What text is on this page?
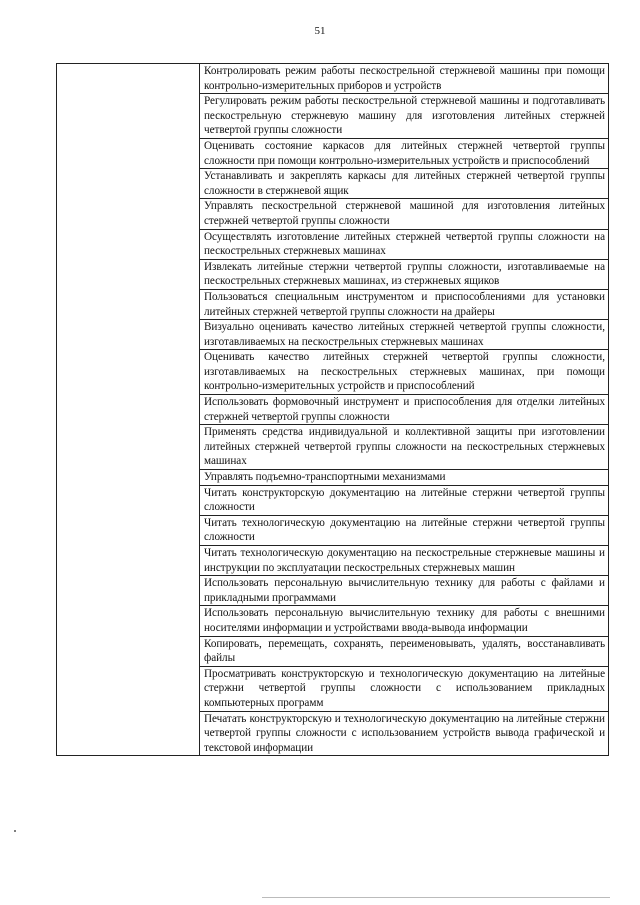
51

Контролировать режим работы пескострельной стержневой машины при помощи контрольно-измерительных приборов и устройств

Регулировать режим работы пескострельной стержневой машины и подготавливать пескострельную стержневую машину для изготовления литейных стержней четвертой группы сложности

Оценивать состояние каркасов для литейных стержней четвертой группы сложности при помощи контрольно-измерительных устройств и приспособлений

Устанавливать и закреплять каркасы для литейных стержней четвертой группы сложности в стержневой ящик

Управлять пескострельной стержневой машиной для изготовления литейных стержней четвертой группы сложности

Осуществлять изготовление литейных стержней четвертой группы сложности на пескострельных стержневых машинах

Извлекать литейные стержни четвертой группы сложности, изготавливаемые на пескострельных стержневых машинах, из стержневых ящиков

Пользоваться специальным инструментом и приспособлениями для установки литейных стержней четвертой группы сложности на драйеры

Визуально оценивать качество литейных стержней четвертой группы сложности, изготавливаемых на пескострельных стержневых машинах

Оценивать качество литейных стержней четвертой группы сложности, изготавливаемых на пескострельных стержневых машинах, при помощи контрольно-измерительных устройств и приспособлений

Использовать формовочный инструмент и приспособления для отделки литейных стержней четвертой группы сложности

Применять средства индивидуальной и коллективной защиты при изготовлении литейных стержней четвертой группы сложности на пескострельных стержневых машинах

Управлять подъемно-транспортными механизмами

Читать конструкторскую документацию на литейные стержни четвертой группы сложности

Читать технологическую документацию на литейные стержни четвертой группы сложности

Читать технологическую документацию на пескострельные стержневые машины и инструкции по эксплуатации пескострельных стержневых машин

Использовать персональную вычислительную технику для работы с файлами и прикладными программами

Использовать персональную вычислительную технику для работы с внешними носителями информации и устройствами ввода-вывода информации

Копировать, перемещать, сохранять, переименовывать, удалять, восстанавливать файлы

Просматривать конструкторскую и технологическую документацию на литейные стержни четвертой группы сложности с использованием прикладных компьютерных программ

Печатать конструкторскую и технологическую документацию на литейные стержни четвертой группы сложности с использованием устройств вывода графической и текстовой информации
